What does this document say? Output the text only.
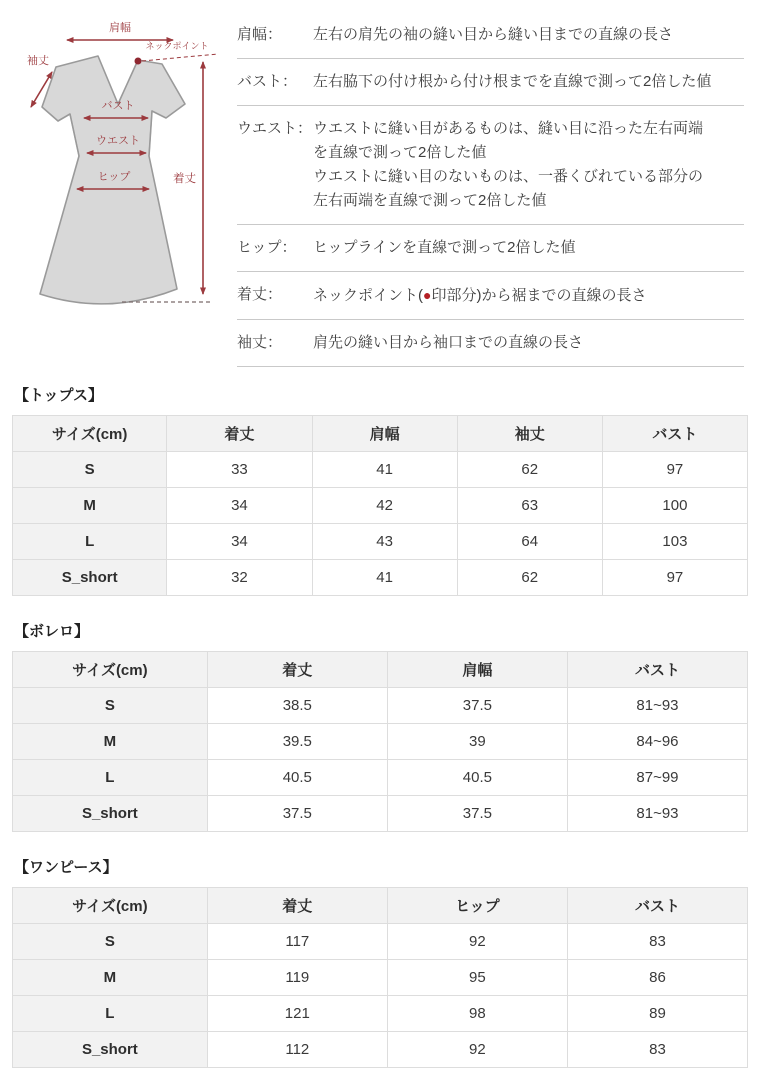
肩幅
ネックポイント
袖丈
バスト
ウエスト
ヒップ	着丈
肩幅：	左右の肩先の袖の縫い目から縫い目までの直線の長さ
バスト：	左右脇下の付け根から付け根までを直線で測って2倍した値
ウエスト： ウエストに縫い目があるものは、縫い目に沿った左右両端
を直線で測って2倍した値
ウエストに縫い目のないものは、一番くびれている部分の
左右両端を直線で測って2倍した値
ヒップ：	ヒップラインを直線で測って2倍した値
着丈：	ネックポイント(●印部分)から裾までの直線の長さ
袖丈：	肩先の縫い目から袖口までの直線の長さ
【トップス】
サイズ(cm)	着丈	肩幅	袖丈	バスト
S	33	41	62	97
M	34	42	63	100
L	34	43	64	103
S_short	32	41	62	97
【ボレロ】
サイズ(cm)	着丈	肩幅	バスト
S	38.5	37.5	81~93
M	39.5	39	84~96
L	40.5	40.5	87~99
S_short	37.5	37.5	81~93
【ワンピース】
サイズ(cm)	着丈	ヒップ	バスト
S	117	92	83
M	119	95	86
L	121	98	89
S_short	112	92	83
